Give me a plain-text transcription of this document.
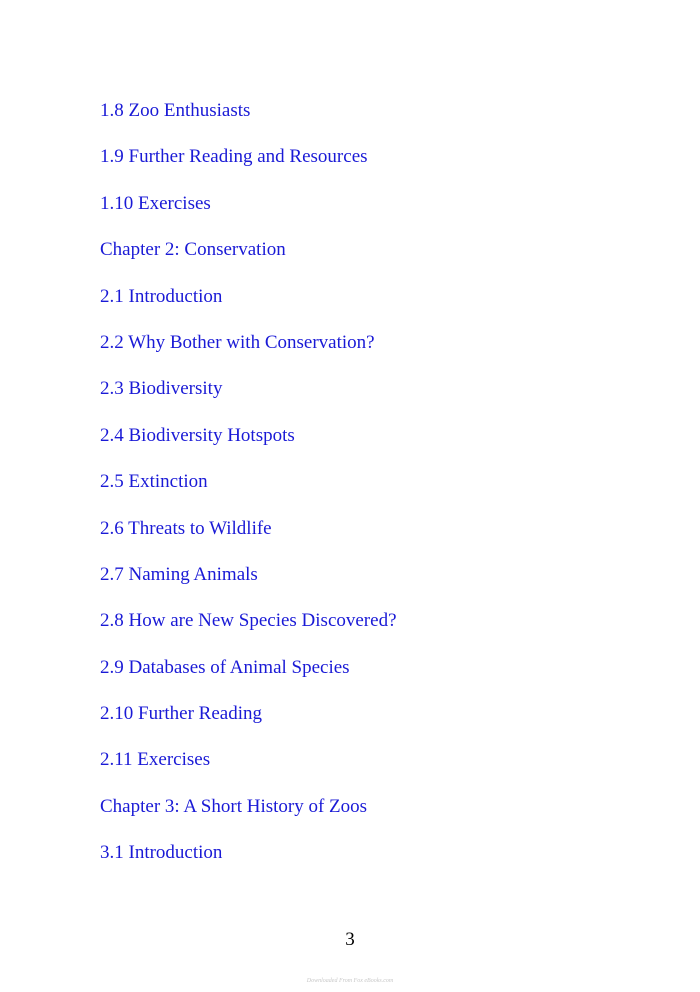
1.8 Zoo Enthusiasts
1.9 Further Reading and Resources
1.10 Exercises
Chapter 2: Conservation
2.1 Introduction
2.2 Why Bother with Conservation?
2.3 Biodiversity
2.4 Biodiversity Hotspots
2.5 Extinction
2.6 Threats to Wildlife
2.7 Naming Animals
2.8 How are New Species Discovered?
2.9 Databases of Animal Species
2.10 Further Reading
2.11 Exercises
Chapter 3: A Short History of Zoos
3.1 Introduction
3
Downloaded From Fox eBooks.com
